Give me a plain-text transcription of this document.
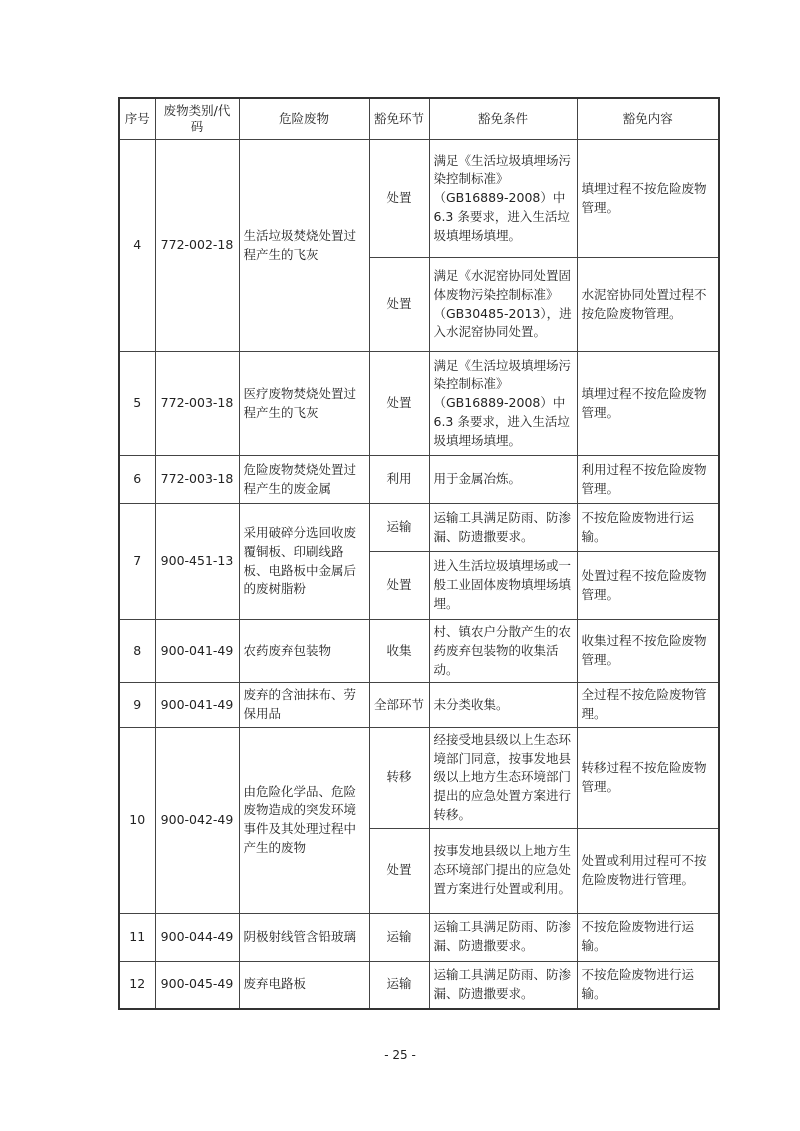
序号	废物类别/代码	危险废物	豁免环节	豁免条件	豁免内容
4	772-002-18	生活垃圾焚烧处置过程产生的飞灰	处置	满足《生活垃圾填埋场污染控制标准》（GB16889-2008）中 6.3 条要求，进入生活垃圾填埋场填埋。	填埋过程不按危险废物管理。
			处置	满足《水泥窑协同处置固体废物污染控制标准》（GB30485-2013），进入水泥窑协同处置。	水泥窑协同处置过程不按危险废物管理。
5	772-003-18	医疗废物焚烧处置过程产生的飞灰	处置	满足《生活垃圾填埋场污染控制标准》（GB16889-2008）中 6.3 条要求，进入生活垃圾填埋场填埋。	填埋过程不按危险废物管理。
6	772-003-18	危险废物焚烧处置过程产生的废金属	利用	用于金属冶炼。	利用过程不按危险废物管理。
7	900-451-13	采用破碎分选回收废覆铜板、印刷线路板、电路板中金属后的废树脂粉	运输	运输工具满足防雨、防渗漏、防遗撒要求。	不按危险废物进行运输。
			处置	进入生活垃圾填埋场或一般工业固体废物填埋场填埋。	处置过程不按危险废物管理。
8	900-041-49	农药废弃包装物	收集	村、镇农户分散产生的农药废弃包装物的收集活动。	收集过程不按危险废物管理。
9	900-041-49	废弃的含油抹布、劳保用品	全部环节	未分类收集。	全过程不按危险废物管理。
10	900-042-49	由危险化学品、危险废物造成的突发环境事件及其处理过程中产生的废物	转移	经接受地县级以上生态环境部门同意，按事发地县级以上地方生态环境部门提出的应急处置方案进行转移。	转移过程不按危险废物管理。
			处置	按事发地县级以上地方生态环境部门提出的应急处置方案进行处置或利用。	处置或利用过程可不按危险废物进行管理。
11	900-044-49	阴极射线管含铅玻璃	运输	运输工具满足防雨、防渗漏、防遗撒要求。	不按危险废物进行运输。
12	900-045-49	废弃电路板	运输	运输工具满足防雨、防渗漏、防遗撒要求。	不按危险废物进行运输。
- 25 -
